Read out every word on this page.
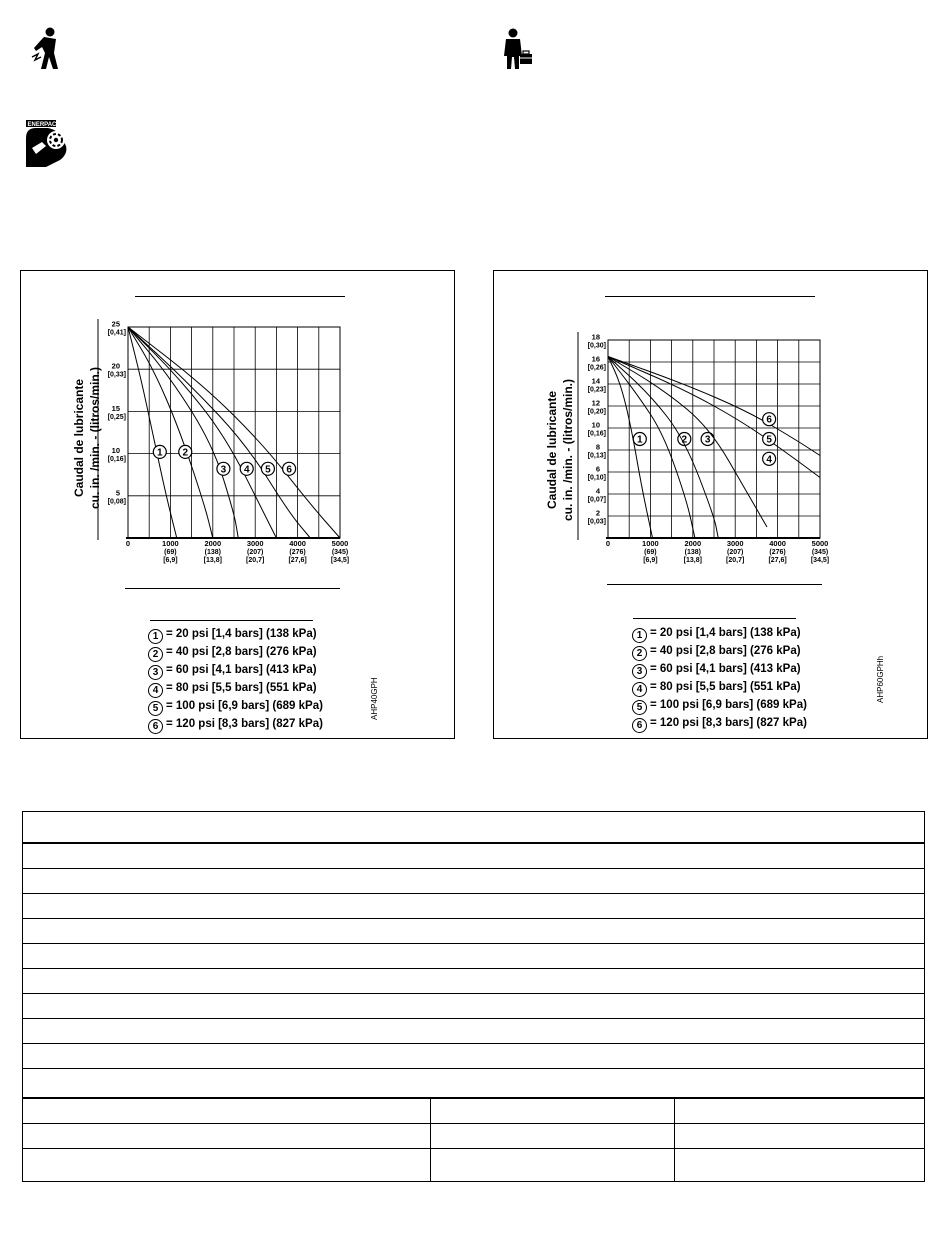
ENERPAC
25
[0,41]
20
[0,33]
15
[0,25]
10
[0,16]
5
[0,08]
0	1000
(69)
[6,9]
2000
(138)
[13,8]
3000
(207)
[20,7]
4000
(276)
[27,6]
5000
(345)
[34,5]
1 2
3 4 5 6
Caudal de lubricante cu. in. /min. - (litros/min.)
1 = 20 psi [1,4 bars] (138 kPa)
2 = 40 psi [2,8 bars] (276 kPa)
3 = 60 psi [4,1 bars] (413 kPa)
4 = 80 psi [5,5 bars] (551 kPa)
5 = 100 psi [6,9 bars] (689 kPa)
6 = 120 psi [8,3 bars] (827 kPa)
AHP40GPH
18
[0,30]
16
[0,26]
14
[0,23]
12
[0,20]
10
[0,16]
8
[0,13]
6
[0,10]
4
[0,07]
2
[0,03]
0	1000
(69)
[6,9]
2000
(138)
[13,8]
3000
(207)
[20,7]
4000
(276)
[27,6]
5000
(345)
[34,5]
1	2 3
4
5
6
Caudal de lubricante cu. in. /min. - (litros/min.)
1 = 20 psi [1,4 bars] (138 kPa)
2 = 40 psi [2,8 bars] (276 kPa)
3 = 60 psi [4,1 bars] (413 kPa)
4 = 80 psi [5,5 bars] (551 kPa)
5 = 100 psi [6,9 bars] (689 kPa)
6 = 120 psi [8,3 bars] (827 kPa)
AHP60GPHh
